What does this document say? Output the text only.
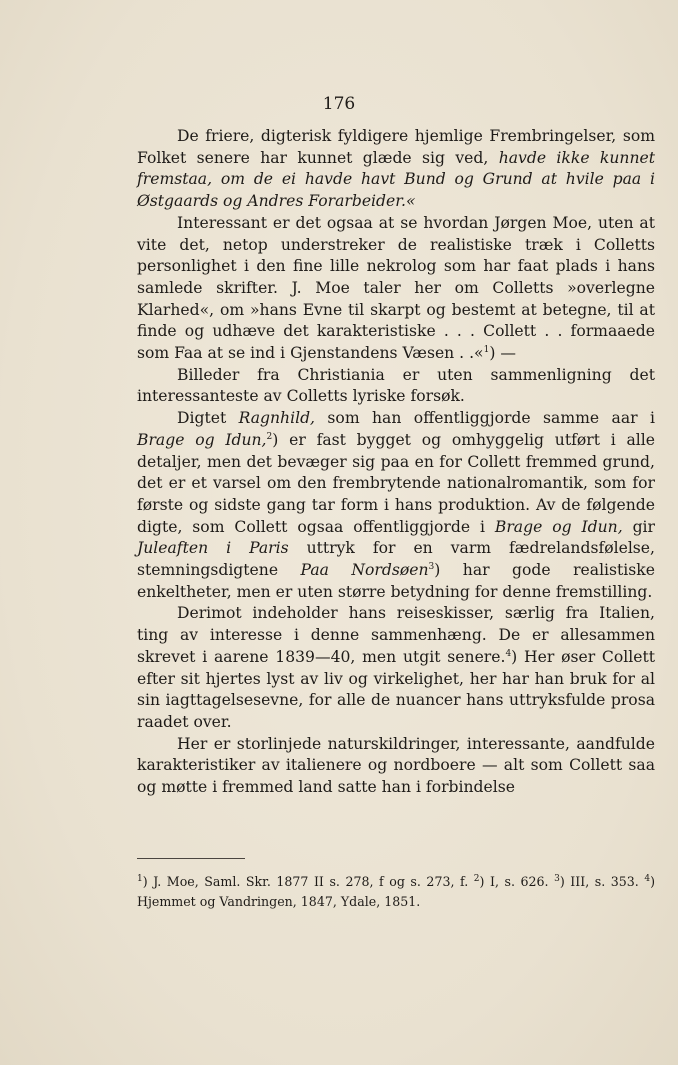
176

De friere, digterisk fyldigere hjemlige Frembringelser, som Folket senere har kunnet glæde sig ved, havde ikke kunnet fremstaa, om de ei havde havt Bund og Grund at hvile paa i Østgaards og Andres Forarbeider.«

Interessant er det ogsaa at se hvordan Jørgen Moe, uten at vite det, netop understreker de realistiske træk i Colletts personlighet i den fine lille nekrolog som har faat plads i hans samlede skrifter. J. Moe taler her om Colletts »overlegne Klarhed«, om »hans Evne til skarpt og bestemt at betegne, til at finde og udhæve det karakteristiske . . . Collett . . formaaede som Faa at se ind i Gjenstandens Væsen . .«$^1$) —

Billeder fra Christiania er uten sammenligning det interessanteste av Colletts lyriske forsøk.

Digtet Ragnhild, som han offentliggjorde samme aar i Brage og Idun,$^2$) er fast bygget og omhyggelig utført i alle detaljer, men det bevæger sig paa en for Collett fremmed grund, det er et varsel om den frembrytende nationalromantik, som for første og sidste gang tar form i hans produktion. Av de følgende digte, som Collett ogsaa offentliggjorde i Brage og Idun, gir Juleaften i Paris uttryk for en varm fædrelandsfølelse, stemningsdigtene Paa Nordsøen$^3$) har gode realistiske enkeltheter, men er uten større betydning for denne fremstilling.

Derimot indeholder hans reiseskisser, særlig fra Italien, ting av interesse i denne sammenhæng. De er allesammen skrevet i aarene 1839—40, men utgit senere.$^4$) Her øser Collett efter sit hjertes lyst av liv og virkelighet, her har han bruk for al sin iagttagelsesevne, for alle de nuancer hans uttryksfulde prosa raadet over.

Her er storlinjede naturskildringer, interessante, aandfulde karakteristiker av italienere og nordboere — alt som Collett saa og møtte i fremmed land satte han i forbindelse

$^1$) J. Moe, Saml. Skr. 1877 II s. 278, f og s. 273, f. $^2$) I, s. 626. $^3$) III, s. 353. $^4$) Hjemmet og Vandringen, 1847, Ydale, 1851.
